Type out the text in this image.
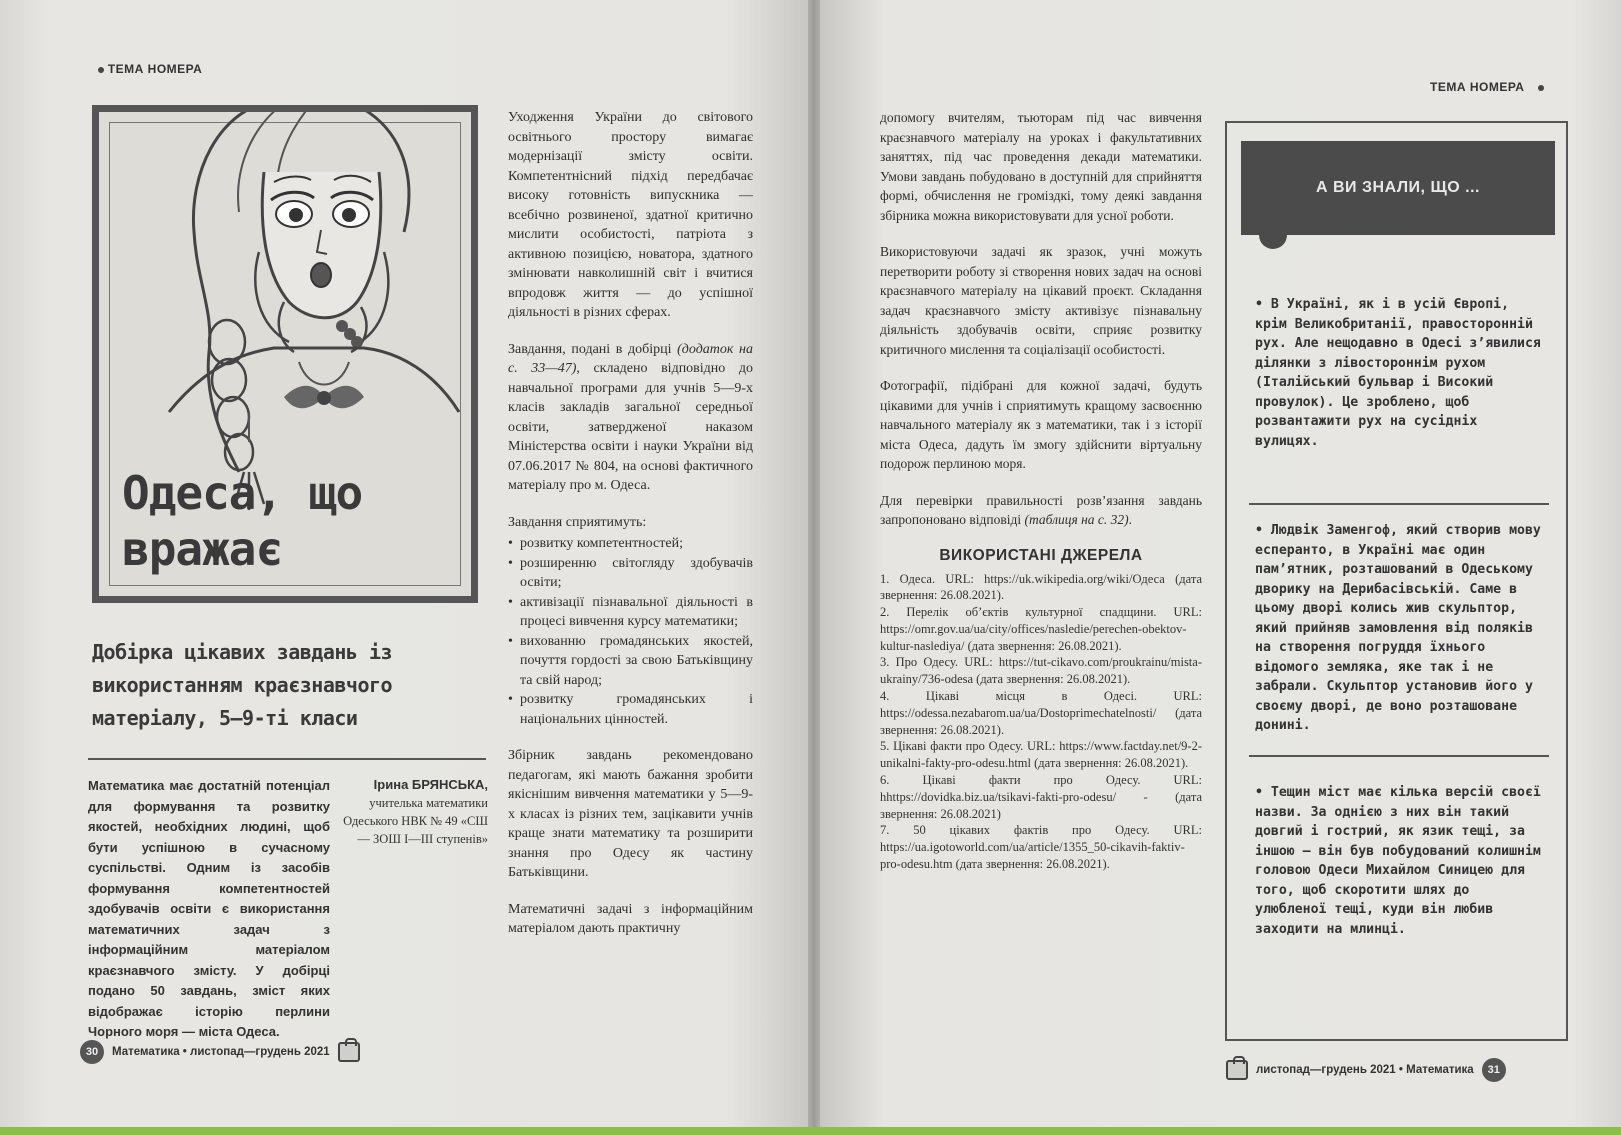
ТЕМА НОМЕРА
Одеса, що
вражає
Добірка цікавих завдань із використанням краєзнавчого матеріалу, 5—9-ті класи
Математика має достатній потенціал для формування та розвитку якостей, необхідних людині, щоб бути успішною в сучасному суспільстві. Одним із засобів формування компетентностей здобувачів освіти є використання математичних задач з інформаційним матеріалом краєзнавчого змісту. У добірці подано 50 завдань, зміст яких відображає історію перлини Чорного моря — міста Одеса.
Ірина БРЯНСЬКА,
учителька математики Одеського НВК № 49 «СШ — ЗОШ І—ІІІ ступенів»

Уходження України до світового освітнього простору вимагає модернізації змісту освіти. Компетентнісний підхід передбачає високу готовність випускника — всебічно розвиненої, здатної критично мислити особистості, патріота з активною позицією, новатора, здатного змінювати навколишній світ і вчитися впродовж життя — до успішної діяльності в різних сферах.

Завдання, подані в добірці (додаток на с. 33—47), складено відповідно до навчальної програми для учнів 5—9-х класів закладів загальної середньої освіти, затвердженої наказом Міністерства освіти і науки України від 07.06.2017 № 804, на основі фактичного матеріалу про м. Одеса.

Завдання сприятимуть:
• розвитку компетентностей;
• розширенню світогляду здобувачів освіти;
• активізації пізнавальної діяльності в процесі вивчення курсу математики;
• вихованню громадянських якостей, почуття гордості за свою Батьківщину та свій народ;
• розвитку громадянських і національних цінностей.

Збірник завдань рекомендовано педагогам, які мають бажання зробити якіснішим вивчення математики у 5—9-х класах із різних тем, зацікавити учнів краще знати математику та розширити знання про Одесу як частину Батьківщини.

Математичні задачі з інформаційним матеріалом дають практичну

30	Математика • листопад—грудень 2021
ТЕМА НОМЕРА

допомогу вчителям, тьюторам під час вивчення краєзнавчого матеріалу на уроках і факультативних заняттях, під час проведення декади математики. Умови завдань побудовано в доступній для сприйняття формі, обчислення не громіздкі, тому деякі завдання збірника можна використовувати для усної роботи.

Використовуючи задачі як зразок, учні можуть перетворити роботу зі створення нових задач на основі краєзнавчого матеріалу на цікавий проєкт. Складання задач краєзнавчого змісту активізує пізнавальну діяльність здобувачів освіти, сприяє розвитку критичного мислення та соціалізації особистості.

Фотографії, підібрані для кожної задачі, будуть цікавими для учнів і сприятимуть кращому засвоєнню навчального матеріалу як з математики, так і з історії міста Одеса, дадуть їм змогу здійснити віртуальну подорож перлиною моря.

Для перевірки правильності розв’язання завдань запропоновано відповіді (таблиця на с. 32).

ВИКОРИСТАНІ ДЖЕРЕЛА
1. Одеса. URL: https://uk.wikipedia.org/wiki/Одеса (дата звернення: 26.08.2021).
2. Перелік об’єктів культурної спадщини. URL: https://omr.gov.ua/ua/city/offices/nasledie/perechen-obektov-kultur-naslediya/ (дата звернення: 26.08.2021).
3. Про Одесу. URL: https://tut-cikavo.com/proukrainu/mista-ukrainy/736-odesa (дата звернення: 26.08.2021).
4. Цікаві місця в Одесі. URL: https://odessa.nezabarom.ua/ua/Dostoprimechatelnosti/ (дата звернення: 26.08.2021).
5. Цікаві факти про Одесу. URL: https://www.factday.net/9-2-unikalni-fakty-pro-odesu.html (дата звернення: 26.08.2021).
6. Цікаві факти про Одесу. URL: hhttps://dovidka.biz.ua/tsikavi-fakti-pro-odesu/ - (дата звернення: 26.08.2021)
7. 50 цікавих фактів про Одесу. URL: https://ua.igotoworld.com/ua/article/1355_50-cikavih-faktiv-pro-odesu.htm (дата звернення: 26.08.2021).
А ВИ ЗНАЛИ, ЩО ...
• В Україні, як і в усій Європі, крім Великобританії, правосторонній рух. Але нещодавно в Одесі з’явилися ділянки з лівостороннім рухом (Італійський бульвар і Високий провулок). Це зроблено, щоб розвантажити рух на сусідніх вулицях.
• Людвік Заменгоф, який створив мову есперанто, в Україні має один пам’ятник, розташований в Одеському дворику на Дерибасівській. Саме в цьому дворі колись жив скульптор, який прийняв замовлення від поляків на створення погруддя їхнього відомого земляка, яке так і не забрали. Скульптор установив його у своєму дворі, де воно розташоване донині.
• Тещин міст має кілька версій своєї назви. За однією з них він такий довгий і гострий, як язик тещі, за іншою — він був побудований колишнім головою Одеси Михайлом Синицею для того, щоб скоротити шлях до улюбленої тещі, куди він любив заходити на млинці.
листопад—грудень 2021 • Математика	31
